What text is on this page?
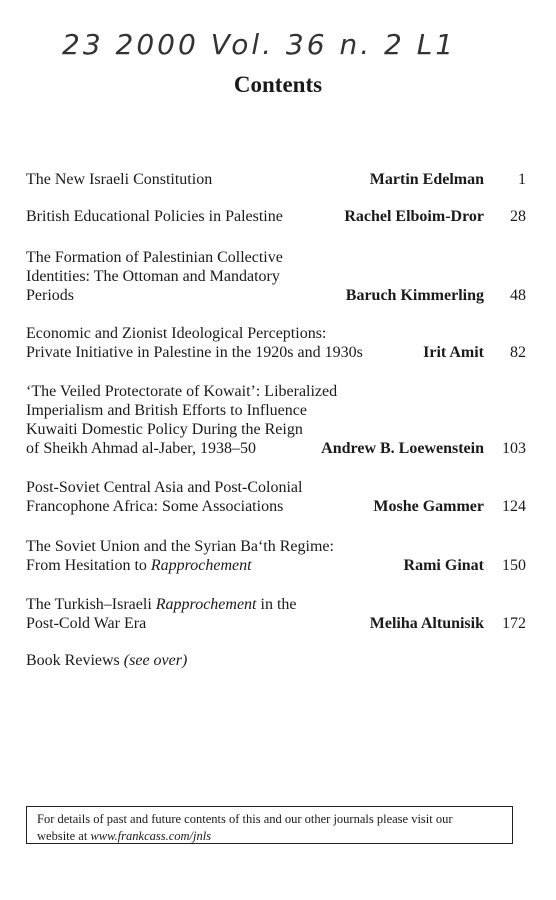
23 2000 Vol. 36 n. 2 L1
Contents
The New Israeli Constitution	Martin Edelman	1
British Educational Policies in Palestine	Rachel Elboim-Dror	28
The Formation of Palestinian Collective
Identities: The Ottoman and Mandatory
Periods	Baruch Kimmerling	48
Economic and Zionist Ideological Perceptions:
Private Initiative in Palestine in the 1920s and 1930s	Irit Amit	82
‘The Veiled Protectorate of Kowait’: Liberalized
Imperialism and British Efforts to Influence
Kuwaiti Domestic Policy During the Reign
of Sheikh Ahmad al-Jaber, 1938–50	Andrew B. Loewenstein	103
Post-Soviet Central Asia and Post-Colonial
Francophone Africa: Some Associations	Moshe Gammer	124
The Soviet Union and the Syrian Ba‘th Regime:
From Hesitation to Rapprochement	Rami Ginat	150
The Turkish–Israeli Rapprochement in the
Post-Cold War Era	Meliha Altunisik	172
Book Reviews (see over)
For details of past and future contents of this and our other journals please visit our
website at www.frankcass.com/jnls
